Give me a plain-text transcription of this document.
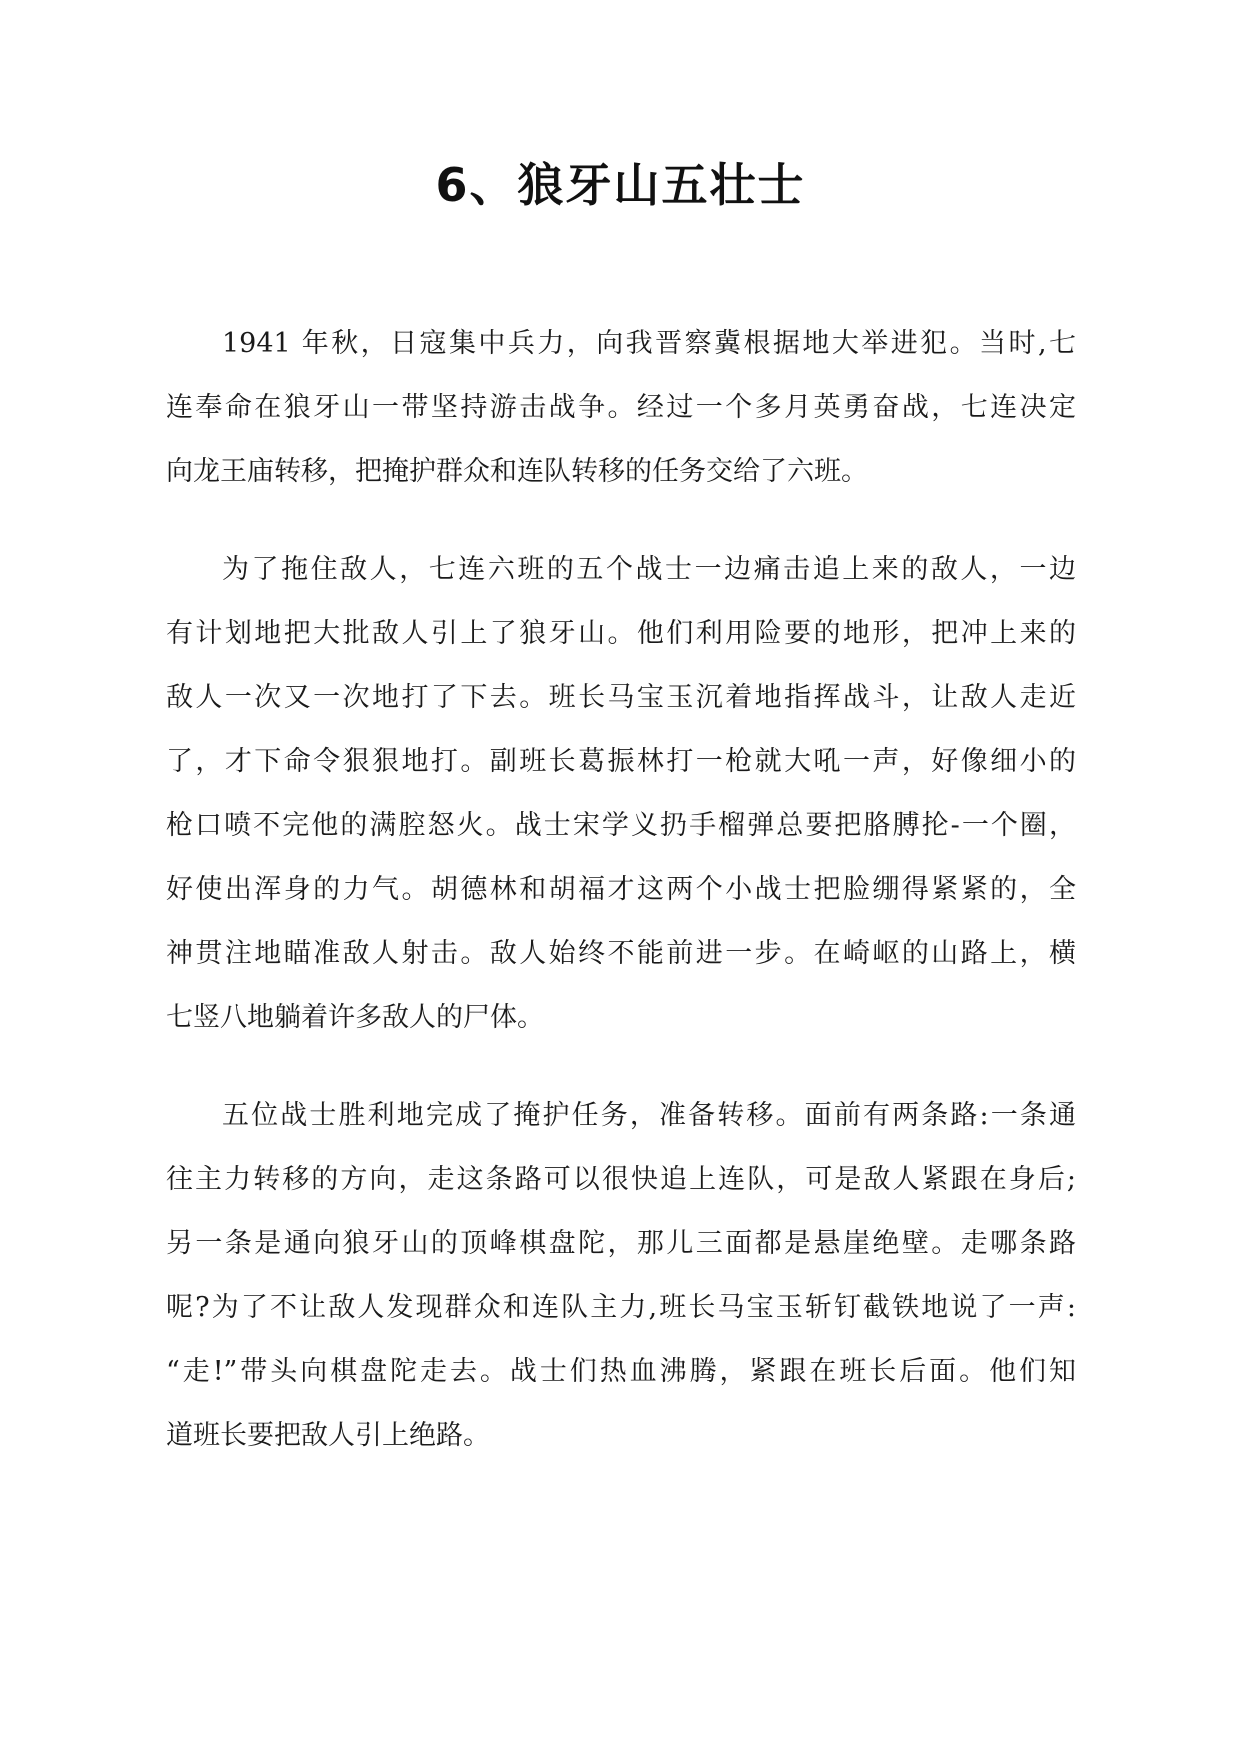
6、狼牙山五壮士

1941 年秋，日寇集中兵力，向我晋察冀根据地大举进犯。当时,七
连奉命在狼牙山一带坚持游击战争。经过一个多月英勇奋战，七连决定
向龙王庙转移，把掩护群众和连队转移的任务交给了六班。

为了拖住敌人，七连六班的五个战士一边痛击追上来的敌人，一边
有计划地把大批敌人引上了狼牙山。他们利用险要的地形，把冲上来的
敌人一次又一次地打了下去。班长马宝玉沉着地指挥战斗，让敌人走近
了，才下命令狠狠地打。副班长葛振林打一枪就大吼一声，好像细小的
枪口喷不完他的满腔怒火。战士宋学义扔手榴弹总要把胳膊抡-一个圈，
好使出浑身的力气。胡德林和胡福才这两个小战士把脸绷得紧紧的，全
神贯注地瞄准敌人射击。敌人始终不能前进一步。在崎岖的山路上，横
七竖八地躺着许多敌人的尸体。

五位战士胜利地完成了掩护任务，准备转移。面前有两条路:一条通
往主力转移的方向，走这条路可以很快追上连队，可是敌人紧跟在身后;
另一条是通向狼牙山的顶峰棋盘陀，那儿三面都是悬崖绝壁。走哪条路
呢?为了不让敌人发现群众和连队主力,班长马宝玉斩钉截铁地说了一声:
“走!”带头向棋盘陀走去。战士们热血沸腾，紧跟在班长后面。他们知
道班长要把敌人引上绝路。
